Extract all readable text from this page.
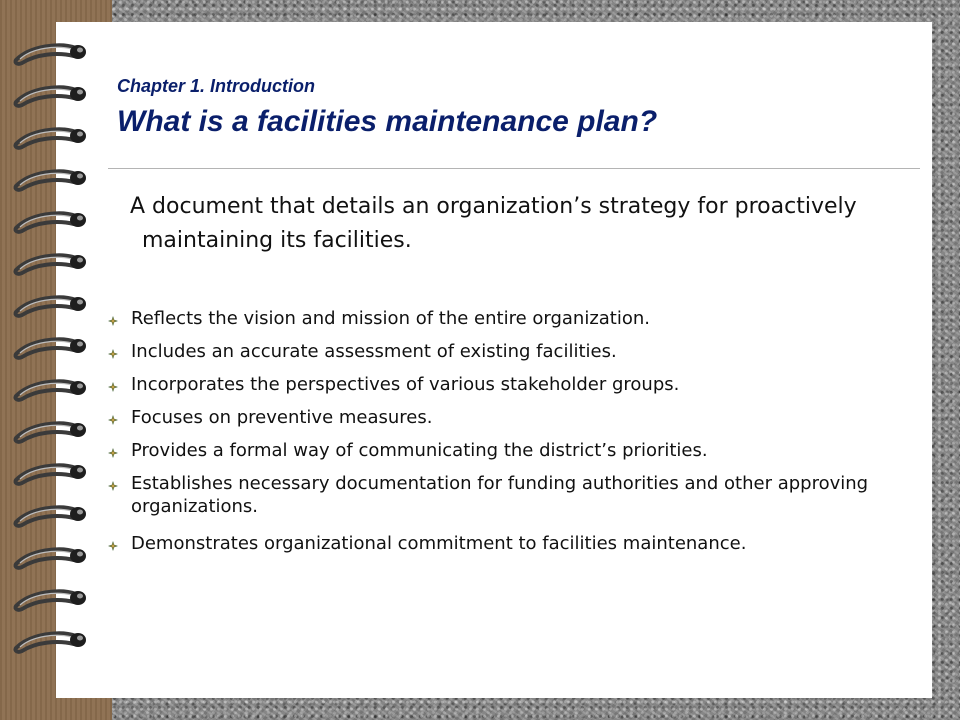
Chapter 1. Introduction

What is a facilities maintenance plan?

A document that details an organization’s strategy for proactively maintaining its facilities.

Reflects the vision and mission of the entire organization.
Includes an accurate assessment of existing facilities.
Incorporates the perspectives of various stakeholder groups.
Focuses on preventive measures.
Provides a formal way of communicating the district’s priorities.
Establishes necessary documentation for funding authorities and other approving organizations.
Demonstrates organizational commitment to facilities maintenance.
